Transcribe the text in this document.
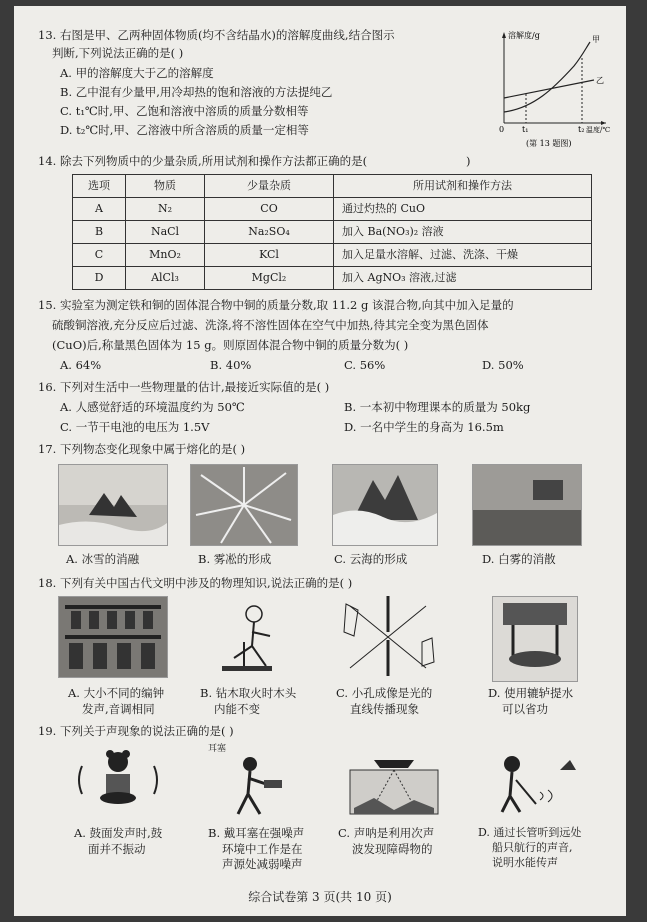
13. 右图是甲、乙两种固体物质(均不含结晶水)的溶解度曲线,结合图示
判断,下列说法正确的是( )
A. 甲的溶解度大于乙的溶解度
B. 乙中混有少量甲,用冷却热的饱和溶液的方法提纯乙
C. t₁℃时,甲、乙饱和溶液中溶质的质量分数相等
D. t₂℃时,甲、乙溶液中所含溶质的质量一定相等
溶解度/g	甲
乙
0 t₁	t₂ 温度/℃
(第 13 题图)
14. 除去下列物质中的少量杂质,所用试剂和操作方法都正确的是(	)
选项	物质	少量杂质	所用试剂和操作方法
A	N₂	CO	通过灼热的 CuO
B	NaCl	Na₂SO₄	加入 Ba(NO₃)₂ 溶液
C	MnO₂	KCl	加入足量水溶解、过滤、洗涤、干燥
D	AlCl₃	MgCl₂	加入 AgNO₃ 溶液,过滤
15. 实验室为测定铁和铜的固体混合物中铜的质量分数,取 11.2 g 该混合物,向其中加入足量的
硫酸铜溶液,充分反应后过滤、洗涤,将不溶性固体在空气中加热,待其完全变为黑色固体
(CuO)后,称量黑色固体为 15 g。则原固体混合物中铜的质量分数为( )
A. 64%	B. 40%	C. 56%	D. 50%
16. 下列对生活中一些物理量的估计,最接近实际值的是( )
A. 人感觉舒适的环境温度约为 50℃	B. 一本初中物理课本的质量为 50kg
C. 一节干电池的电压为 1.5V	D. 一名中学生的身高为 16.5m
17. 下列物态变化现象中属于熔化的是( )
A. 冰雪的消融	B. 雾凇的形成	C. 云海的形成	D. 白雾的消散
18. 下列有关中国古代文明中涉及的物理知识,说法正确的是( )
A. 大小不同的编钟
发声,音调相同
B. 钻木取火时木头
内能不变
C. 小孔成像是光的
直线传播现象
D. 使用辘轳提水
可以省功
19. 下列关于声现象的说法正确的是( )
耳塞
A. 鼓面发声时,鼓
面并不振动
B. 戴耳塞在强噪声
环境中工作是在
声源处减弱噪声
C. 声呐是利用次声
波发现障碍物的
D. 通过长管听到远处
船只航行的声音,
说明水能传声
综合试卷第 3 页(共 10 页)
